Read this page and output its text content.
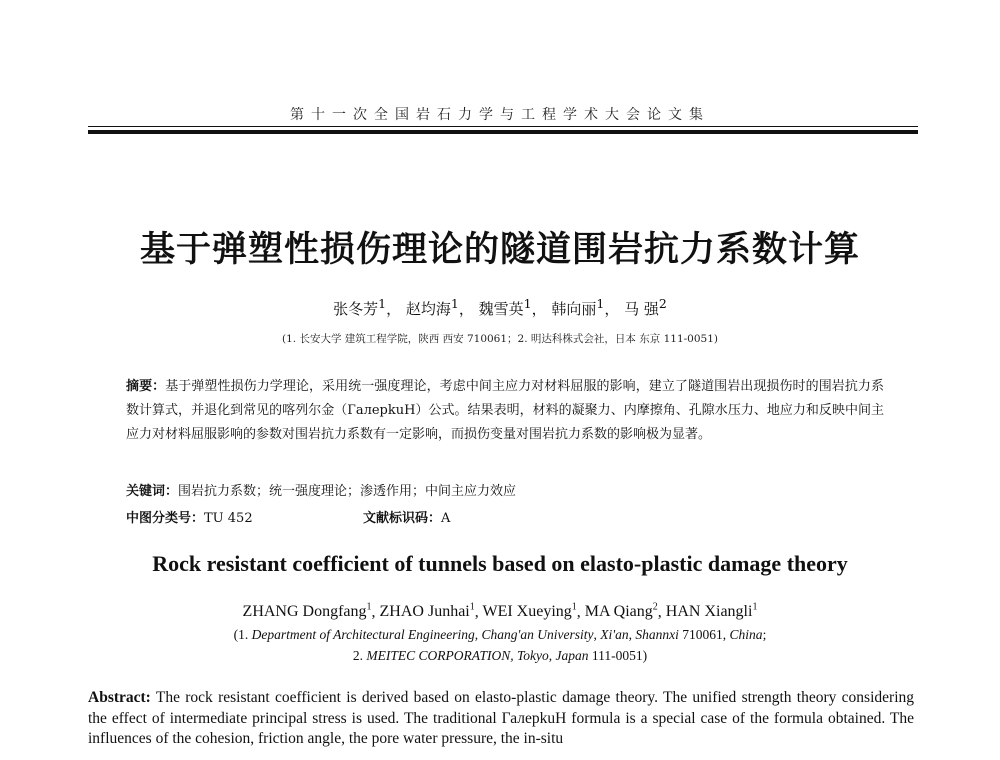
第十一次全国岩石力学与工程学术大会论文集
基于弹塑性损伤理论的隧道围岩抗力系数计算
张冬芳$^1$， 赵均海$^1$， 魏雪英$^1$， 韩向丽$^1$， 马 强$^2$
(1. 长安大学 建筑工程学院，陕西 西安 710061；2. 明达科株式会社，日本 东京 111-0051)
摘要：基于弹塑性损伤力学理论，采用统一强度理论，考虑中间主应力对材料屈服的影响，建立了隧道围岩出现损伤时的围岩抗力系数计算式，并退化到常见的喀列尔金（ГалepkuH）公式。结果表明，材料的凝聚力、内摩擦角、孔隙水压力、地应力和反映中间主应力对材料屈服影响的参数对围岩抗力系数有一定影响，而损伤变量对围岩抗力系数的影响极为显著。
关键词：围岩抗力系数；统一强度理论；渗透作用；中间主应力效应
中图分类号：TU 452	文献标识码：A
Rock resistant coefficient of tunnels based on elasto-plastic damage theory
ZHANG Dongfang$^1$, ZHAO Junhai$^1$, WEI Xueying$^1$, MA Qiang$^2$, HAN Xiangli$^1$
(1. Department of Architectural Engineering, Chang'an University, Xi'an, Shannxi 710061, China;
2. MEITEC CORPORATION, Tokyo, Japan 111-0051)
Abstract: The rock resistant coefficient is derived based on elasto-plastic damage theory. The unified strength theory considering the effect of intermediate principal stress is used. The traditional ГалepkuH formula is a special case of the formula obtained. The influences of the cohesion, friction angle, the pore water pressure, the in-situ
